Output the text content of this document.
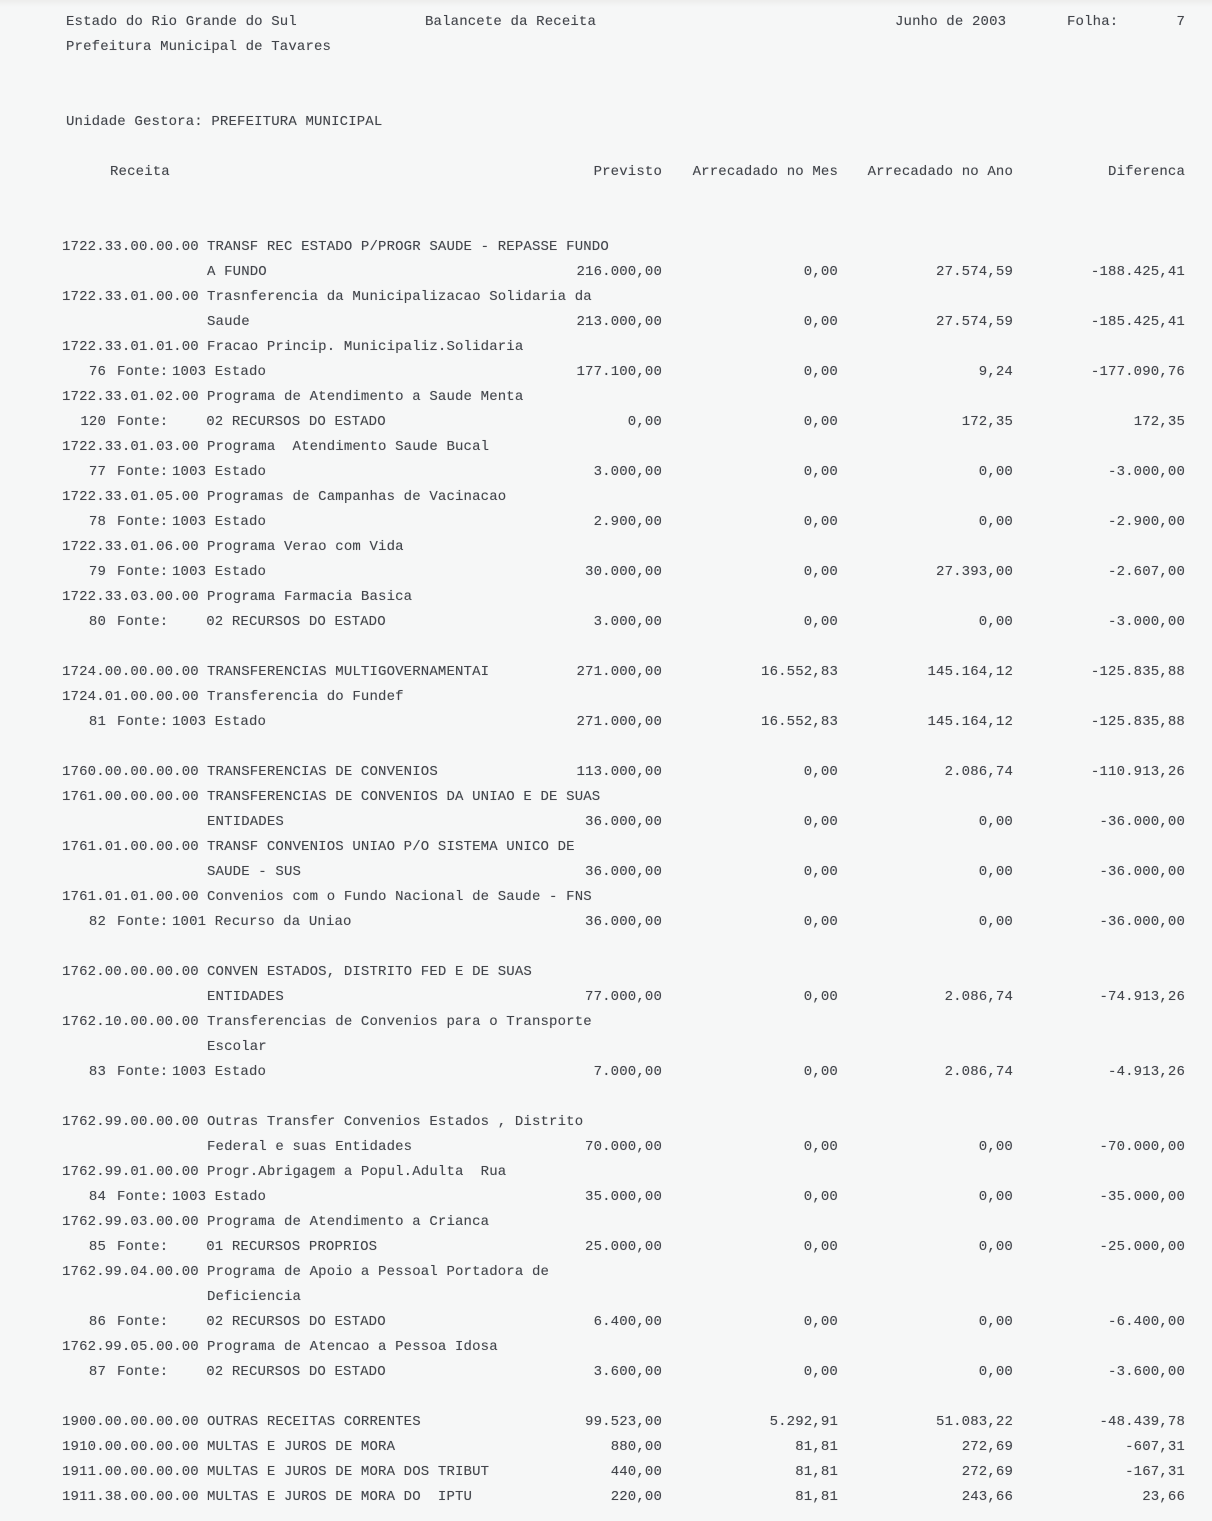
Estado do Rio Grande do Sul	Balancete da Receita	Junho de 2003	Folha:	7
Prefeitura Municipal de Tavares
Unidade Gestora: PREFEITURA MUNICIPAL
Receita	Previsto	Arrecadado no Mes	Arrecadado no Ano	Diferenca
1722.33.00.00.00 TRANSF REC ESTADO P/PROGR SAUDE - REPASSE FUNDO
A FUNDO	216.000,00	0,00	27.574,59	-188.425,41
1722.33.01.00.00 Trasnferencia da Municipalizacao Solidaria da
Saude	213.000,00	0,00	27.574,59	-185.425,41
1722.33.01.01.00 Fracao Princip. Municipaliz.Solidaria
76 Fonte: 1003 Estado	177.100,00	0,00	9,24	-177.090,76
1722.33.01.02.00 Programa de Atendimento a Saude Menta
120 Fonte: 02 RECURSOS DO ESTADO	0,00	0,00	172,35	172,35
1722.33.01.03.00 Programa  Atendimento Saude Bucal
77 Fonte: 1003 Estado	3.000,00	0,00	0,00	-3.000,00
1722.33.01.05.00 Programas de Campanhas de Vacinacao
78 Fonte: 1003 Estado	2.900,00	0,00	0,00	-2.900,00
1722.33.01.06.00 Programa Verao com Vida
79 Fonte: 1003 Estado	30.000,00	0,00	27.393,00	-2.607,00
1722.33.03.00.00 Programa Farmacia Basica
80 Fonte: 02 RECURSOS DO ESTADO	3.000,00	0,00	0,00	-3.000,00
1724.00.00.00.00 TRANSFERENCIAS MULTIGOVERNAMENTAI	271.000,00	16.552,83	145.164,12	-125.835,88
1724.01.00.00.00 Transferencia do Fundef
81 Fonte: 1003 Estado	271.000,00	16.552,83	145.164,12	-125.835,88
1760.00.00.00.00 TRANSFERENCIAS DE CONVENIOS	113.000,00	0,00	2.086,74	-110.913,26
1761.00.00.00.00 TRANSFERENCIAS DE CONVENIOS DA UNIAO E DE SUAS
ENTIDADES	36.000,00	0,00	0,00	-36.000,00
1761.01.00.00.00 TRANSF CONVENIOS UNIAO P/O SISTEMA UNICO DE
SAUDE - SUS	36.000,00	0,00	0,00	-36.000,00
1761.01.01.00.00 Convenios com o Fundo Nacional de Saude - FNS
82 Fonte: 1001 Recurso da Uniao	36.000,00	0,00	0,00	-36.000,00
1762.00.00.00.00 CONVEN ESTADOS, DISTRITO FED E DE SUAS
ENTIDADES	77.000,00	0,00	2.086,74	-74.913,26
1762.10.00.00.00 Transferencias de Convenios para o Transporte
Escolar
83 Fonte: 1003 Estado	7.000,00	0,00	2.086,74	-4.913,26
1762.99.00.00.00 Outras Transfer Convenios Estados , Distrito
Federal e suas Entidades	70.000,00	0,00	0,00	-70.000,00
1762.99.01.00.00 Progr.Abrigagem a Popul.Adulta  Rua
84 Fonte: 1003 Estado	35.000,00	0,00	0,00	-35.000,00
1762.99.03.00.00 Programa de Atendimento a Crianca
85 Fonte: 01 RECURSOS PROPRIOS	25.000,00	0,00	0,00	-25.000,00
1762.99.04.00.00 Programa de Apoio a Pessoal Portadora de
Deficiencia
86 Fonte: 02 RECURSOS DO ESTADO	6.400,00	0,00	0,00	-6.400,00
1762.99.05.00.00 Programa de Atencao a Pessoa Idosa
87 Fonte: 02 RECURSOS DO ESTADO	3.600,00	0,00	0,00	-3.600,00
1900.00.00.00.00 OUTRAS RECEITAS CORRENTES	99.523,00	5.292,91	51.083,22	-48.439,78
1910.00.00.00.00 MULTAS E JUROS DE MORA	880,00	81,81	272,69	-607,31
1911.00.00.00.00 MULTAS E JUROS DE MORA DOS TRIBUT	440,00	81,81	272,69	-167,31
1911.38.00.00.00 MULTAS E JUROS DE MORA DO  IPTU	220,00	81,81	243,66	23,66
